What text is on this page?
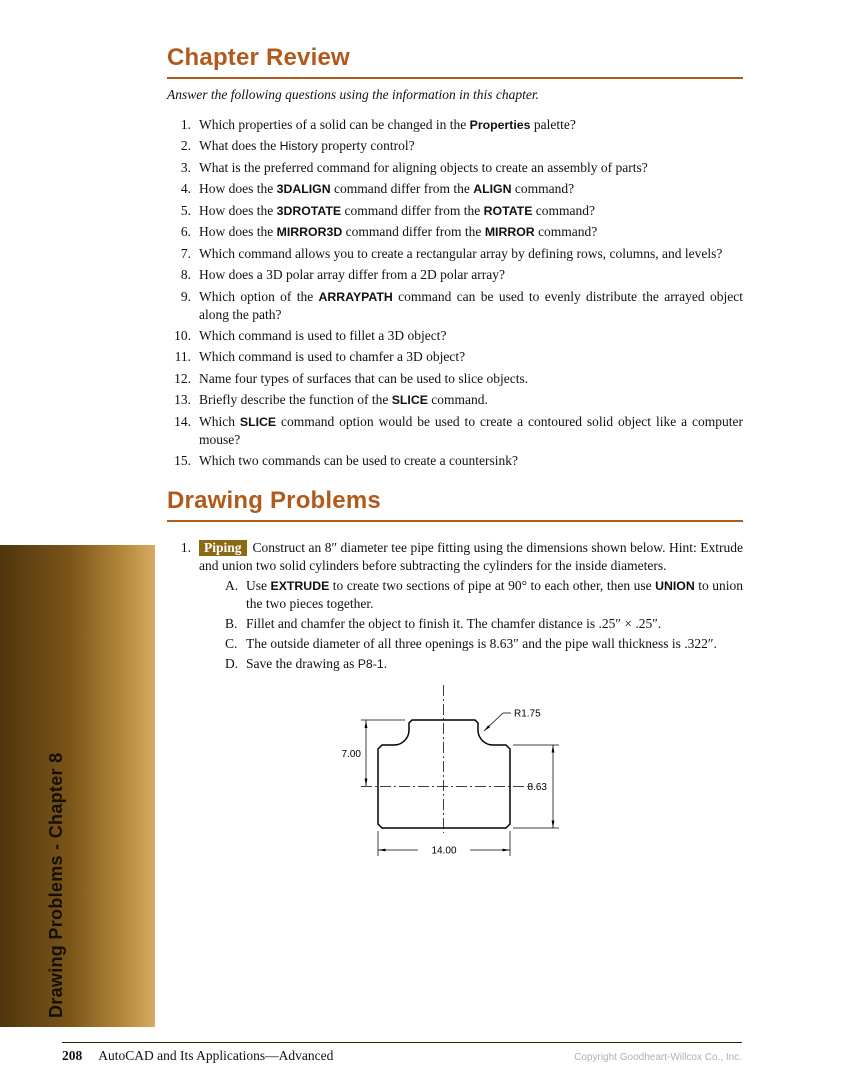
Chapter Review

Answer the following questions using the information in this chapter.

1. Which properties of a solid can be changed in the Properties palette?
2. What does the History property control?
3. What is the preferred command for aligning objects to create an assembly of parts?
4. How does the 3DALIGN command differ from the ALIGN command?
5. How does the 3DROTATE command differ from the ROTATE command?
6. How does the MIRROR3D command differ from the MIRROR command?
7. Which command allows you to create a rectangular array by defining rows, columns, and levels?
8. How does a 3D polar array differ from a 2D polar array?
9. Which option of the ARRAYPATH command can be used to evenly distribute the arrayed object along the path?
10. Which command is used to fillet a 3D object?
11. Which command is used to chamfer a 3D object?
12. Name four types of surfaces that can be used to slice objects.
13. Briefly describe the function of the SLICE command.
14. Which SLICE command option would be used to create a contoured solid object like a computer mouse?
15. Which two commands can be used to create a countersink?
Drawing Problems
1. Piping Construct an 8″ diameter tee pipe fitting using the dimensions shown below. Hint: Extrude and union two solid cylinders before subtracting the cylinders for the inside diameters.

A. Use EXTRUDE to create two sections of pipe at 90° to each other, then use UNION to union the two pieces together.
B. Fillet and chamfer the object to finish it. The chamfer distance is .25″ × .25″.
C. The outside diameter of all three openings is 8.63″ and the pipe wall thickness is .322″.
D. Save the drawing as P8-1.
R1.75
7.00
8.63
14.00
Drawing Problems - Chapter 8
208 AutoCAD and Its Applications—Advanced	Copyright Goodheart-Willcox Co., Inc.
